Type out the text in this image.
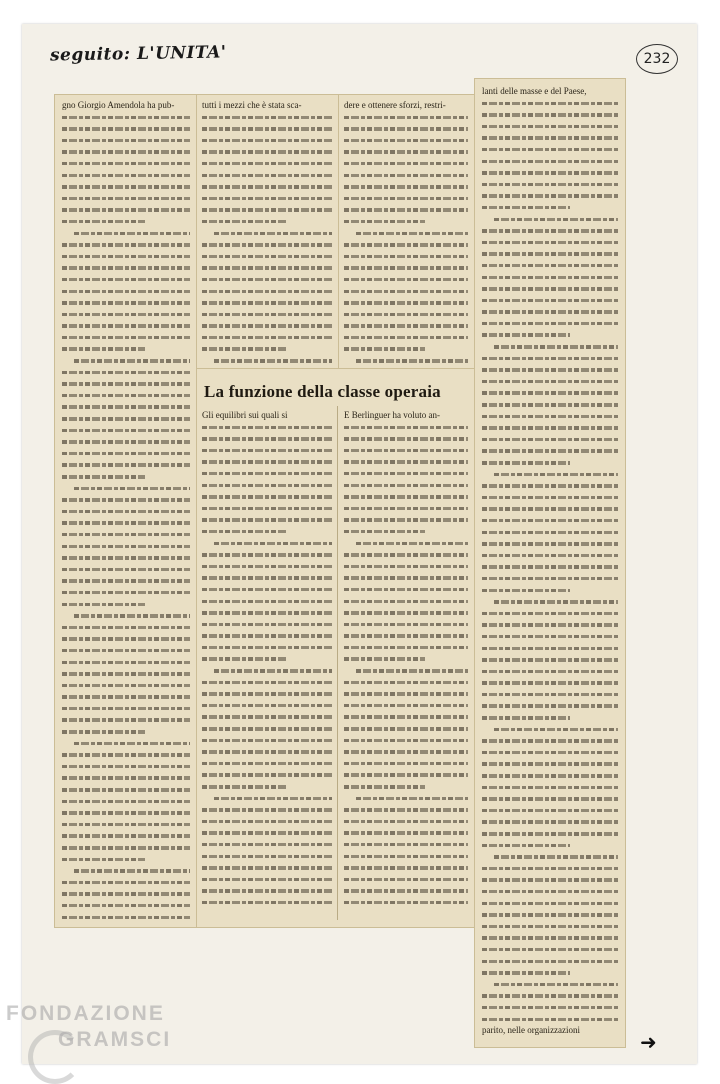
seguito: L'UNITA'	232
gno Giorgio Amendola ha pub-	tutti i mezzi che è stata sca-	dere e ottenere sforzi, restri-
Gli equilibri sui quali si	E Berlinguer ha voluto an-
lanti delle masse e del Paese,
parito, nelle organizzazioni
La funzione della classe operaia
FONDAZIONE
GRAMSCI	➜
